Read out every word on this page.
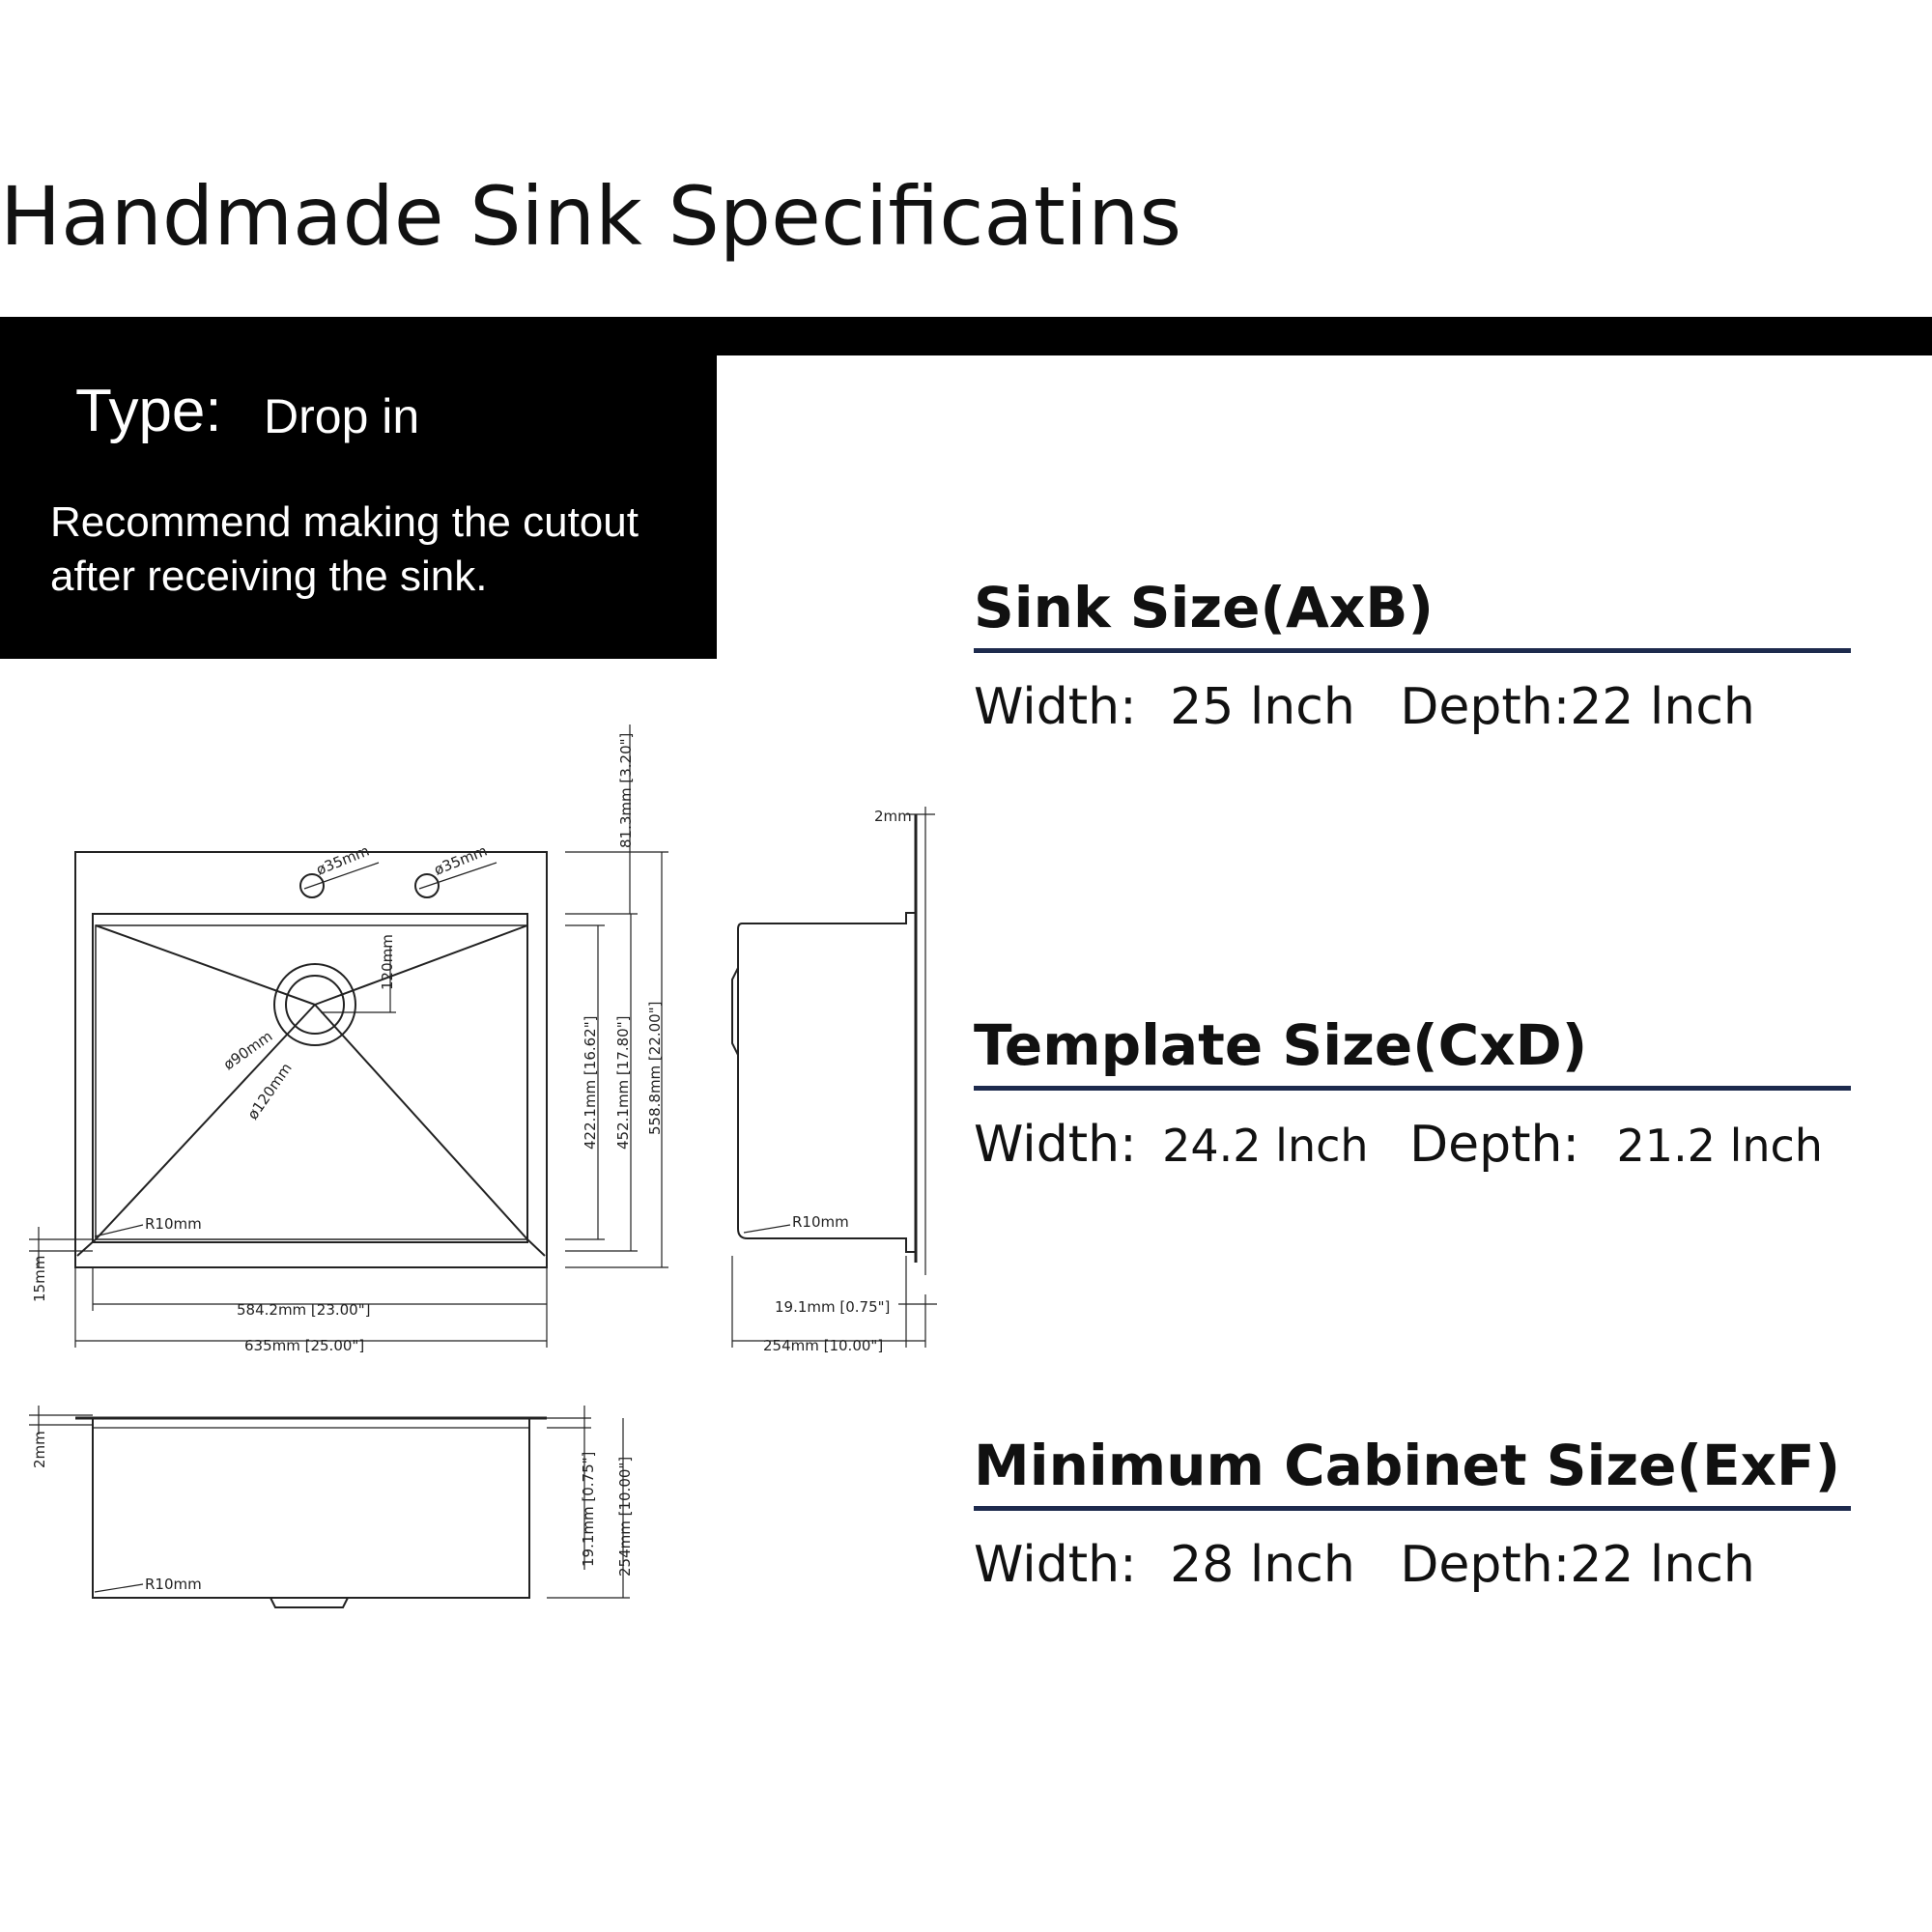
Handmade Sink Specificatins
Type: Drop in
Recommend making the cutout after receiving the sink.	Sink Size(AxB)
Width: 25 lnch Depth:22 lnch
Template Size(CxD)
Width: 24.2 lnch Depth: 21.2 lnch
Minimum Cabinet Size(ExF)
Width: 28 lnch Depth:22 lnch
ø35mm	ø35mm
120mm
ø90mm
ø120mm
R10mm
81.3mm [3.20"]
422.1mm [16.62"] 452.1mm [17.80"] 558.8mm [22.00"]
584.2mm [23.00"]
635mm [25.00"]
15mm
2mm
R10mm
19.1mm [0.75"]
254mm [10.00"]
2mm
R10mm
19.1mm [0.75"] 254mm [10.00"]
